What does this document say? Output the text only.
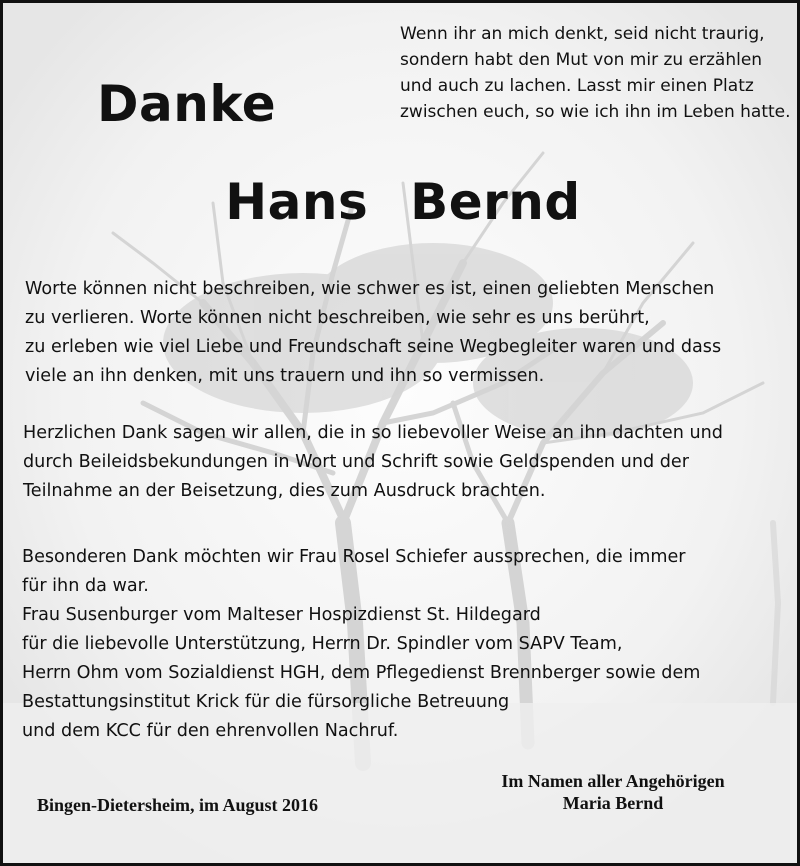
Wenn ihr an mich denkt, seid nicht traurig,
sondern habt den Mut von mir zu erzählen
und auch zu lachen. Lasst mir einen Platz
zwischen euch, so wie ich ihn im Leben hatte.
Danke
Hans Bernd
Worte können nicht beschreiben, wie schwer es ist, einen geliebten Menschen
zu verlieren. Worte können nicht beschreiben, wie sehr es uns berührt,
zu erleben wie viel Liebe und Freundschaft seine Wegbegleiter waren und dass
viele an ihn denken, mit uns trauern und ihn so vermissen.
Herzlichen Dank sagen wir allen, die in so liebevoller Weise an ihn dachten und
durch Beileidsbekundungen in Wort und Schrift sowie Geldspenden und der
Teilnahme an der Beisetzung, dies zum Ausdruck brachten.
Besonderen Dank möchten wir Frau Rosel Schiefer aussprechen, die immer
für ihn da war.
Frau Susenburger vom Malteser Hospizdienst St. Hildegard
für die liebevolle Unterstützung, Herrn Dr. Spindler vom SAPV Team,
Herrn Ohm vom Sozialdienst HGH, dem Pflegedienst Brennberger sowie dem
Bestattungsinstitut Krick für die fürsorgliche Betreuung
und dem KCC für den ehrenvollen Nachruf.
Bingen-Dietersheim, im August 2016
Im Namen aller Angehörigen
Maria Bernd
